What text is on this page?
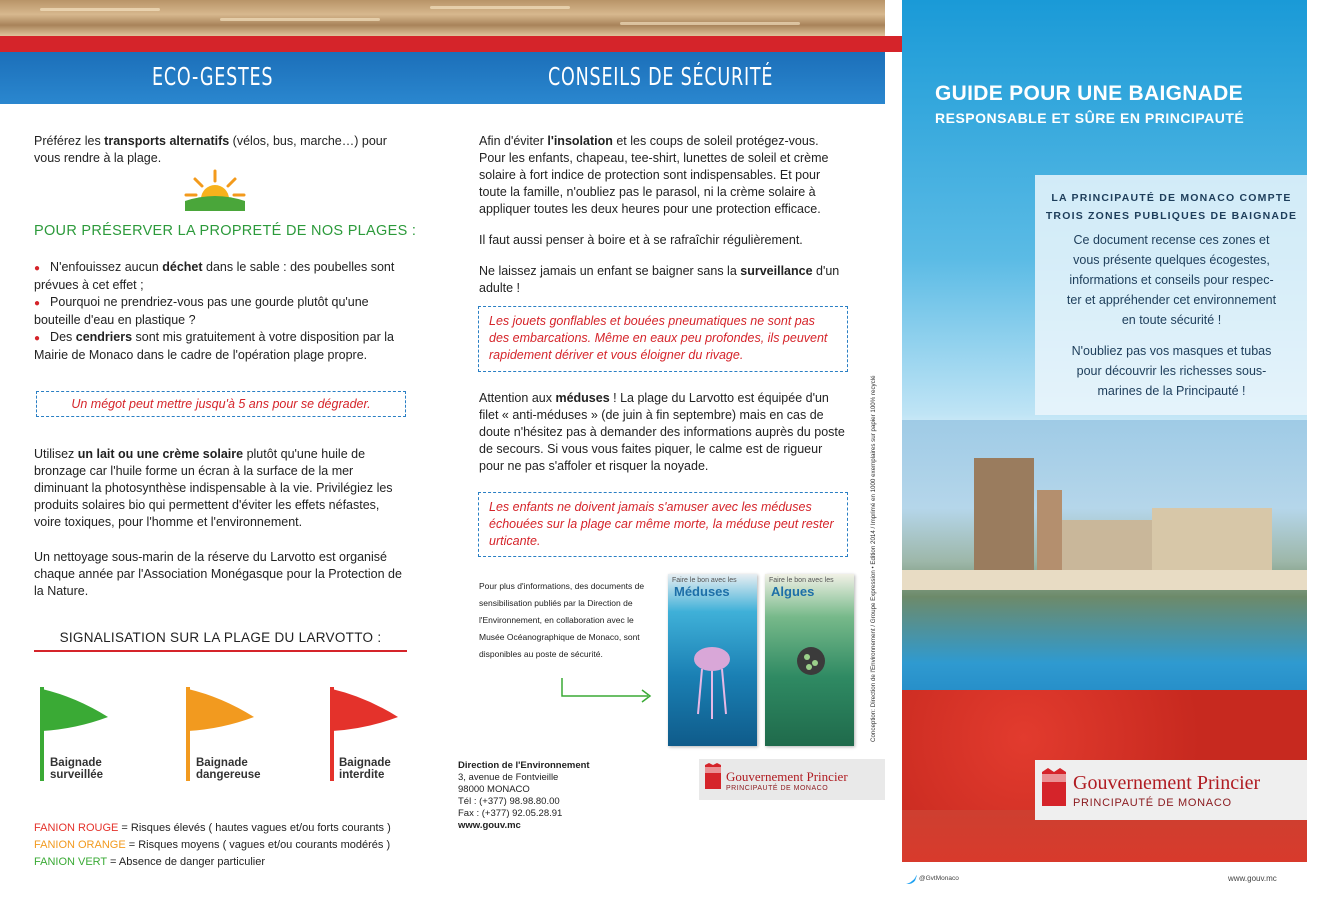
ECO-GESTES	CONSEILS DE SÉCURITÉ

Préférez les transports alternatifs (vélos, bus, marche…) pour vous rendre à la plage.

POUR PRÉSERVER LA PROPRETÉ DE NOS PLAGES :

● N'enfouissez aucun déchet dans le sable : des poubelles sont prévues à cet effet ;

● Pourquoi ne prendriez-vous pas une gourde plutôt qu'une bouteille d'eau en plastique ?

● Des cendriers sont mis gratuitement à votre disposition par la Mairie de Monaco dans le cadre de l'opération plage propre.

Un mégot peut mettre jusqu'à 5 ans pour se dégrader.

Utilisez un lait ou une crème solaire plutôt qu'une huile de bronzage car l'huile forme un écran à la surface de la mer diminuant la photosynthèse indispensable à la vie. Privilégiez les produits solaires bio qui permettent d'éviter les effets néfastes, voire toxiques, pour l'homme et l'environnement.

Un nettoyage sous-marin de la réserve du Larvotto est organisé chaque année par l'Association Monégasque pour la Protection de la Nature.

SIGNALISATION SUR LA PLAGE DU LARVOTTO :
Baignade
surveillée
Baignade
dangereuse
Baignade
interdite
FANION ROUGE = Risques élevés ( hautes vagues et/ou forts courants )
FANION ORANGE = Risques moyens ( vagues et/ou courants modérés )
FANION VERT = Absence de danger particulier

Afin d'éviter l'insolation et les coups de soleil protégez-vous. Pour les enfants, chapeau, tee-shirt, lunettes de soleil et crème solaire à fort indice de protection sont indispensables. Et pour toute la famille, n'oubliez pas le parasol, ni la crème solaire à appliquer toutes les deux heures pour une protection efficace.

Il faut aussi penser à boire et à se rafraîchir régulièrement.

Ne laissez jamais un enfant se baigner sans la surveillance d'un adulte !

Les jouets gonflables et bouées pneumatiques ne sont pas des embarcations. Même en eaux peu profondes, ils peuvent rapidement dériver et vous éloigner du rivage.

Attention aux méduses ! La plage du Larvotto est équipée d'un filet « anti-méduses » (de juin à fin septembre) mais en cas de doute n'hésitez pas à demander des informations auprès du poste de secours. Si vous vous faites piquer, le calme est de rigueur pour ne pas s'affoler et risquer la noyade.

Les enfants ne doivent jamais s'amuser avec les méduses échouées sur la plage car même morte, la méduse peut rester urticante.
Pour plus d'informations, des documents de sensibilisation publiés par la Direction de l'Environnement, en collaboration avec le Musée Océanographique de Monaco, sont disponibles au poste de sécurité.
Faire le bon avec les
Méduses
Faire le bon avec les
Algues	Conception: Direction de l'Environnement / Groupe Expression • Edition 2014 / Imprimé en 1000 exemplaires sur papier 100% recyclé
Direction de l'Environnement
3, avenue de Fontvieille
98000 MONACO
Tél : (+377) 98.98.80.00
Fax : (+377) 92.05.28.91
www.gouv.mc
Gouvernement Princier
PRINCIPAUTÉ DE MONACO
GUIDE POUR UNE BAIGNADE
RESPONSABLE ET SÛRE EN PRINCIPAUTÉ

LA PRINCIPAUTÉ DE MONACO COMPTE

TROIS ZONES PUBLIQUES DE BAIGNADE

Ce document recense ces zones et

vous présente quelques écogestes,

informations et conseils pour respec-

ter et appréhender cet environnement

en toute sécurité !

N'oubliez pas vos masques et tubas

pour découvrir les richesses sous-

marines de la Principauté !

Gouvernement Princier
PRINCIPAUTÉ DE MONACO
@GvtMonaco	www.gouv.mc
